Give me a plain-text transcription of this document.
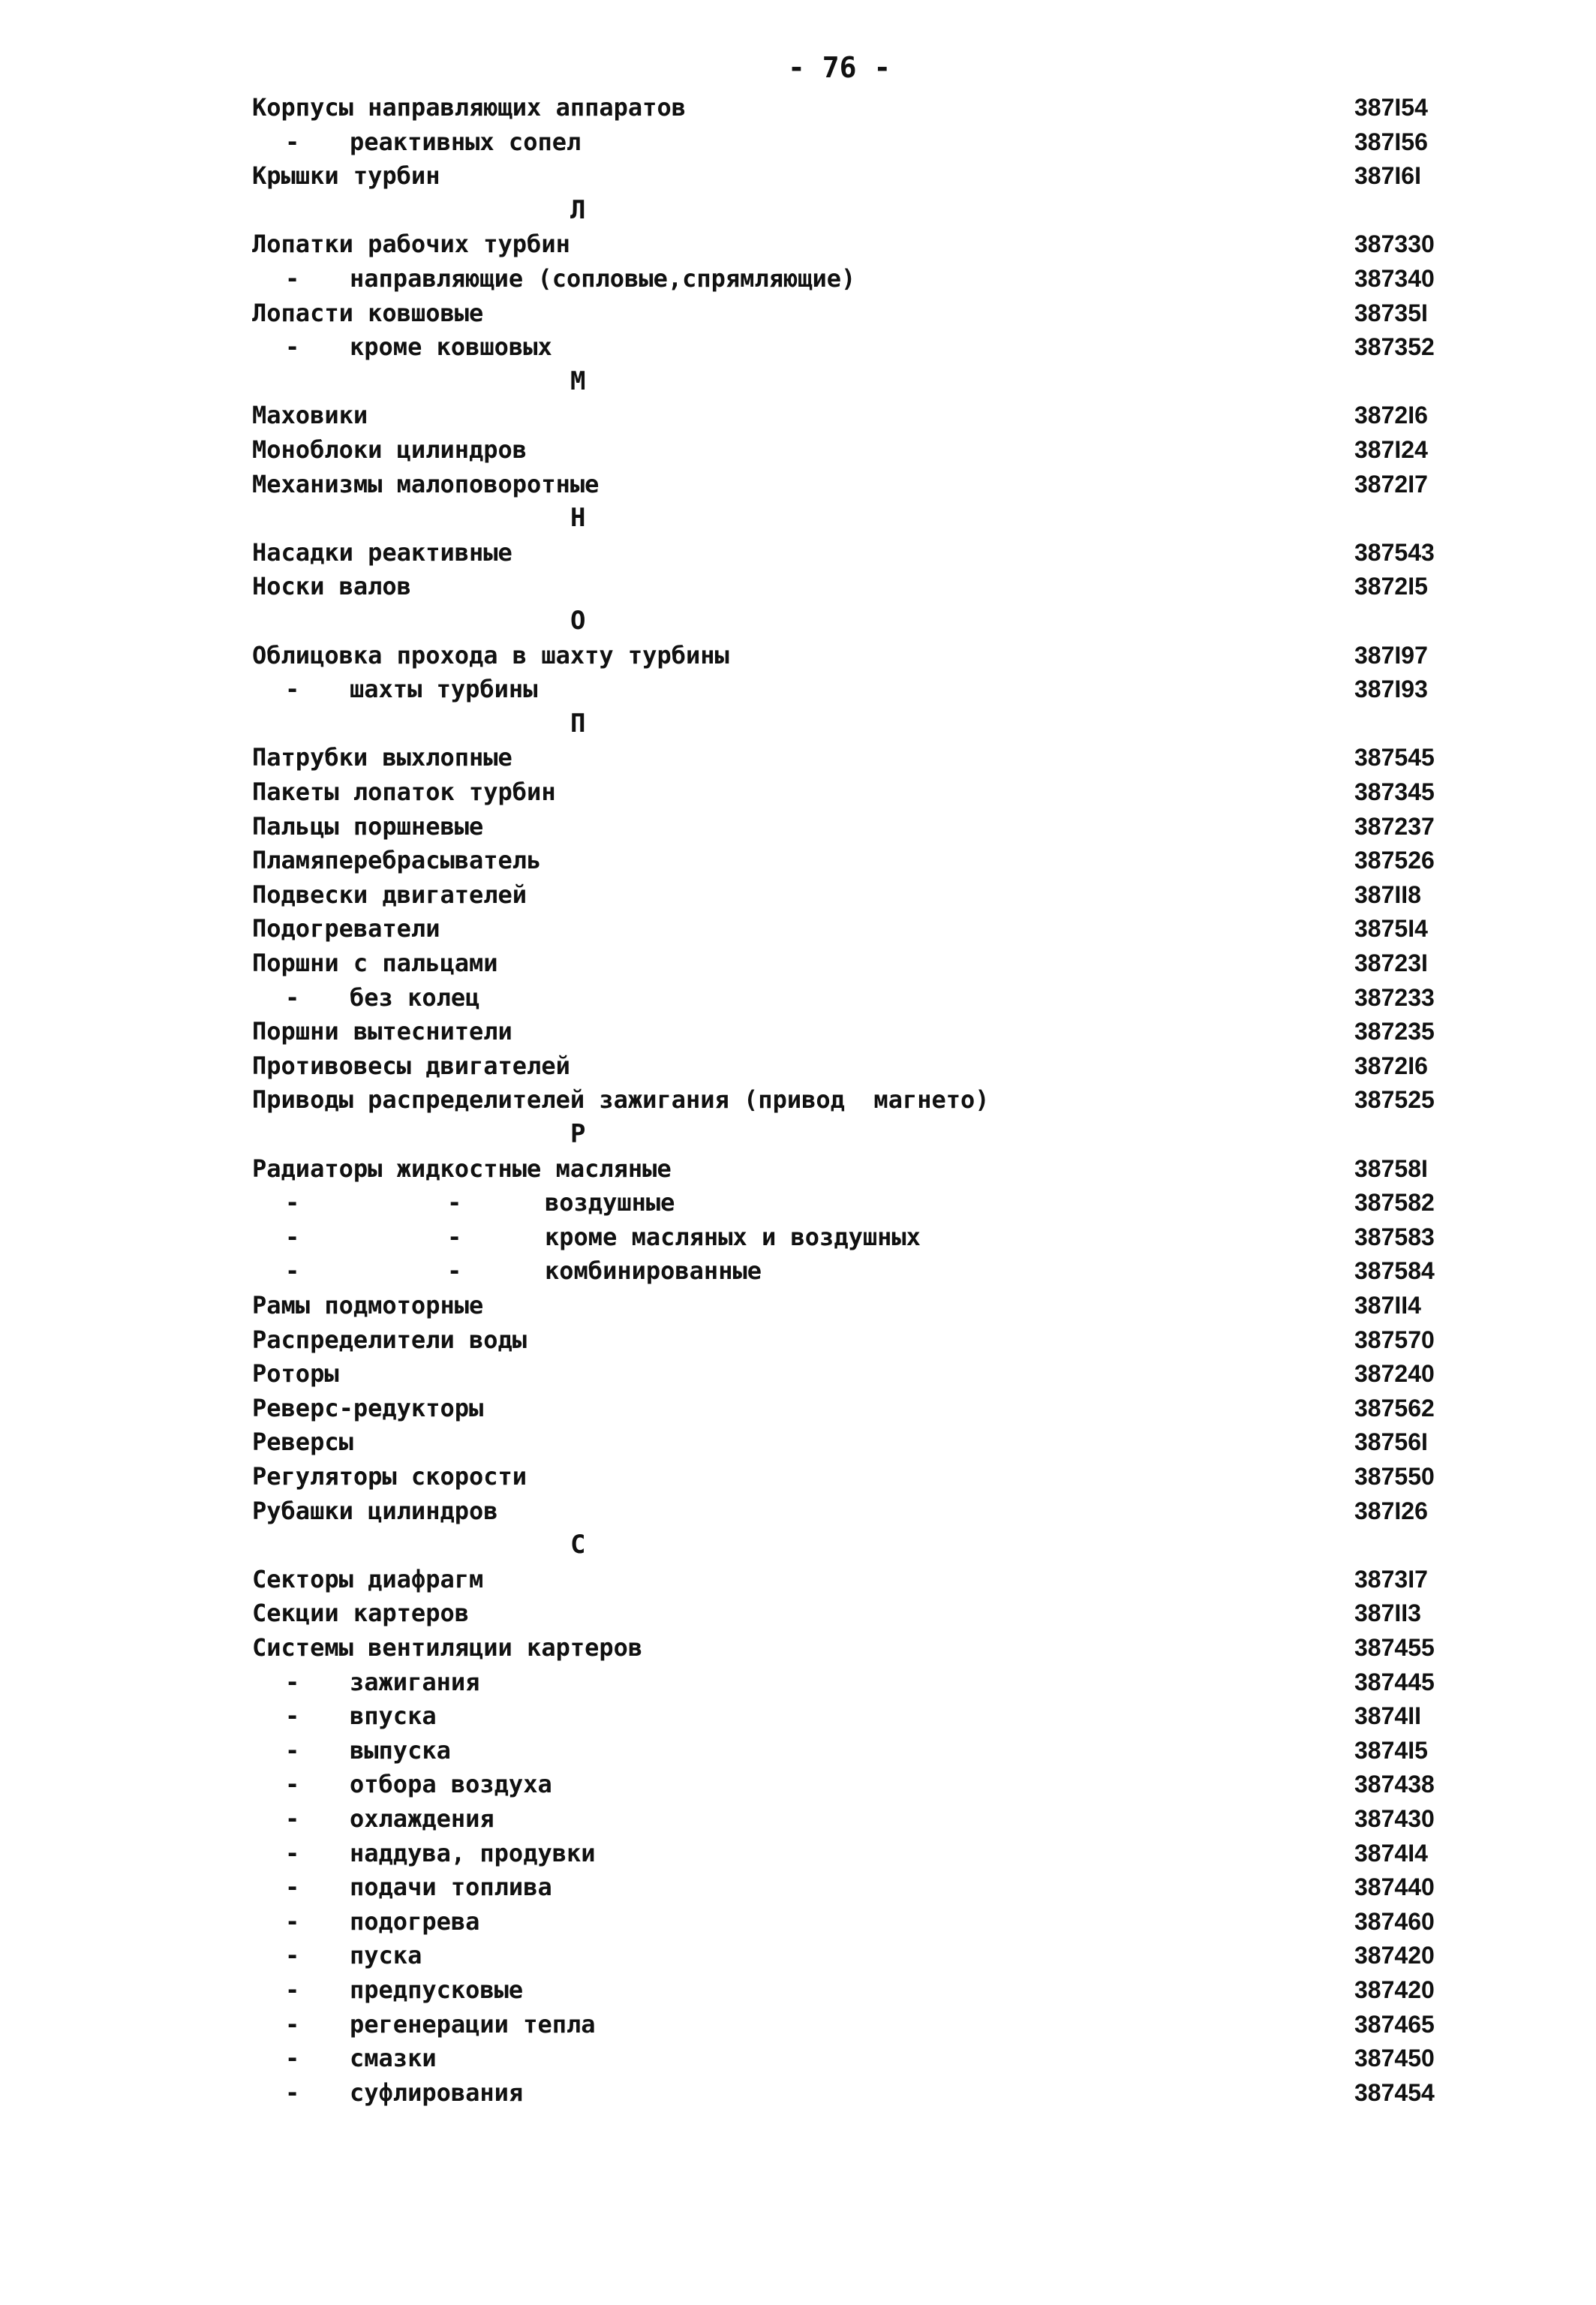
- 76 -
Корпусы направляющих аппаратов	387I54
- реактивных сопел	387I56
Крышки турбин	387I6I
Л
Лопатки рабочих турбин	387330
- направляющие (сопловые,спрямляющие)	387340
Лопасти ковшовые	38735I
- кроме ковшовых	387352
М
Маховики	3872I6
Моноблоки цилиндров	387I24
Механизмы малоповоротные	3872I7
Н
Насадки реактивные	387543
Носки валов	3872I5
О
Облицовка прохода в шахту турбины	387I97
- шахты турбины	387I93
П
Патрубки выхлопные	387545
Пакеты лопаток турбин	387345
Пальцы поршневые	387237
Пламяперебрасыватель	387526
Подвески двигателей	387II8
Подогреватели	3875I4
Поршни с пальцами	38723I
- без колец	387233
Поршни вытеснители	387235
Противовесы двигателей	3872I6
Приводы распределителей зажигания (привод  магнето)	387525
Р
Радиаторы жидкостные масляные	38758I
-	-	воздушные	387582
-	-	кроме масляных и воздушных	387583
-	-	комбинированные	387584
Рамы подмоторные	387II4
Распределители воды	387570
Роторы	387240
Реверс-редукторы	387562
Реверсы	38756I
Регуляторы скорости	387550
Рубашки цилиндров	387I26
С
Секторы диафрагм	3873I7
Секции картеров	387II3
Системы вентиляции картеров	387455
- зажигания	387445
- впуска	3874II
- выпуска	3874I5
- отбора воздуха	387438
- охлаждения	387430
- наддува, продувки	3874I4
- подачи топлива	387440
- подогрева	387460
- пуска	387420
- предпусковые	387420
- регенерации тепла	387465
- смазки	387450
- суфлирования	387454
